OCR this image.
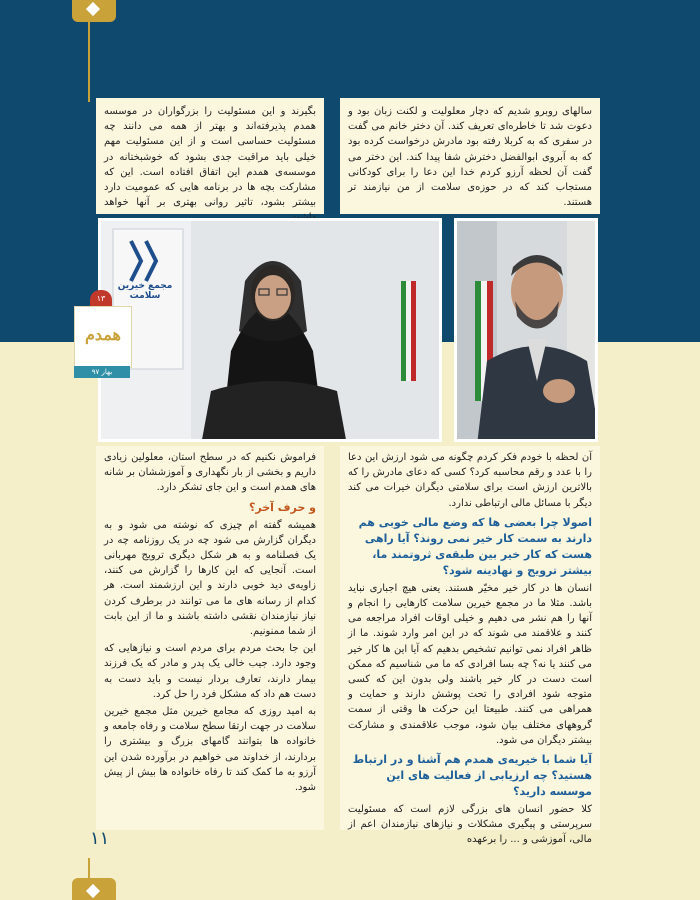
سالهای روبرو شدیم که دچار معلولیت و لکنت زبان بود و دعوت شد تا خاطره‌ای تعریف کند. آن دختر خانم می گفت در سفری که به کربلا رفته بود مادرش درخواست کرده بود که به آبروی ابوالفضل دخترش شفا پیدا کند. این دختر می گفت آن لحظه آرزو کردم خدا این دعا را برای کودکانی مستجاب کند که در حوزه‌ی سلامت از من نیازمند تر هستند.

بگیرند و این مسئولیت را بزرگواران در موسسه همدم پذیرفته‌اند و بهتر از همه می دانند چه مسئولیت حساسی است و از این مسئولیت مهم خیلی باید مراقبت جدی بشود که خوشبختانه در موسسه‌ی همدم این اتفاق افتاده است. این که مشارکت بچه ها در برنامه هایی که عمومیت دارد بیشتر بشود، تاثیر روانی بهتری بر آنها خواهد

مجمع خیرین سلامت
۱۳
همدم
بهار ۹۷

آن لحظه با خودم فکر کردم چگونه می شود ارزش این دعا را با عدد و رقم محاسبه کرد؟ کسی که دعای مادرش را که بالاترین ارزش است برای سلامتی دیگران خیرات می کند دیگر با مسائل مالی ارتباطی ندارد.

اصولا چرا بعضی ها که وضع مالی خوبی هم دارند به سمت کار خیر نمی روند؟ آیا راهی هست که کار خیر بین طبقه‌ی ثروتمند ما، بیشتر ترویج و نهادینه شود؟

انسان ها در کار خیر مخیّر هستند. یعنی هیچ اجباری نباید باشد. مثلا ما در مجمع خیرین سلامت کارهایی را انجام و آنها را هم نشر می دهیم و خیلی اوقات افراد مراجعه می کنند و علاقمند می شوند که در این امر وارد شوند. ما از ظاهر افراد نمی توانیم تشخیص بدهیم که آیا این ها کار خیر می کنند یا نه؟ چه بسا افرادی که ما می شناسیم که ممکن است دست در کار خیر باشند ولی بدون این که کسی متوجه شود افرادی را تحت پوشش دارند و حمایت و همراهی می کنند. طبیعتا این حرکت ها وقتی از سمت گروههای مختلف بیان شود، موجب علاقمندی و مشارکت بیشتر دیگران می شود.

آیا شما با خیریه‌ی همدم هم آشنا و در ارتباط هستید؟ چه ارزیابی از فعالیت های این موسسه دارید؟

کلا حضور انسان های بزرگی لازم است که مسئولیت سرپرستی و پیگیری مشکلات و نیازهای نیازمندان اعم از مالی، آموزشی و ... را برعهده

فراموش نکنیم که در سطح استان، معلولین زیادی داریم و بخشی از بار نگهداری و آموزششان بر شانه های همدم است و این جای تشکر دارد.

و حرف آخر؟

همیشه گفته ام چیزی که نوشته می شود و به دیگران گزارش می شود چه در یک روزنامه چه در یک فصلنامه و به هر شکل دیگری ترویج مهربانی است. آنجایی که این کارها را گزارش می کنند، زاویه‌ی دید خوبی دارند و این ارزشمند است. هر کدام از رسانه های ما می توانند در برطرف کردن نیاز نیازمندان نقشی داشته باشند و ما از این بابت از شما ممنونیم.

این جا بحث مردم برای مردم است و نیازهایی که وجود دارد. جیب خالی یک پدر و مادر که یک فرزند بیمار دارند، تعارف بردار نیست و باید دست به دست هم داد که مشکل فرد را حل کرد.

به امید روزی که مجامع خیرین مثل مجمع خیرین سلامت در جهت ارتقا سطح سلامت و رفاه جامعه و خانواده ها بتوانند گامهای بزرگ و بیشتری را بردارند، از خداوند می خواهیم در برآورده شدن این آرزو به ما کمک کند تا رفاه خانواده ها بیش از پیش شود.

۱۱
